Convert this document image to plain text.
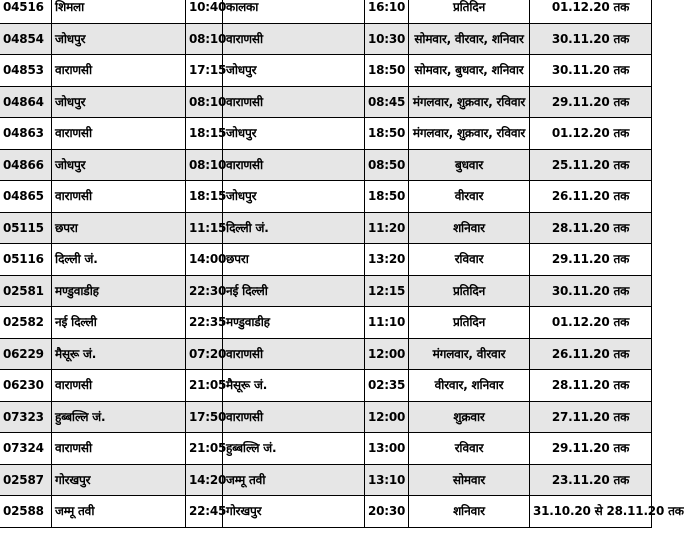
04516	शिमला	10:40	कालका	16:10	प्रतिदिन	01.12.20 तक
04854	जोधपुर	08:10	वाराणसी	10:30	सोमवार, वीरवार, शनिवार	30.11.20 तक
04853	वाराणसी	17:15	जोधपुर	18:50	सोमवार, बुधवार, शनिवार	30.11.20 तक
04864	जोधपुर	08:10	वाराणसी	08:45	मंगलवार, शुक्रवार, रविवार	29.11.20 तक
04863	वाराणसी	18:15	जोधपुर	18:50	मंगलवार, शुक्रवार, रविवार	01.12.20 तक
04866	जोधपुर	08:10	वाराणसी	08:50	बुधवार	25.11.20 तक
04865	वाराणसी	18:15	जोधपुर	18:50	वीरवार	26.11.20 तक
05115	छपरा	11:15	दिल्ली जं.	11:20	शनिवार	28.11.20 तक
05116	दिल्ली जं.	14:00	छपरा	13:20	रविवार	29.11.20 तक
02581	मण्डुवाडीह	22:30	नई दिल्ली	12:15	प्रतिदिन	30.11.20 तक
02582	नई दिल्ली	22:35	मण्डुवाडीह	11:10	प्रतिदिन	01.12.20 तक
06229	मैसूरू जं.	07:20	वाराणसी	12:00	मंगलवार, वीरवार	26.11.20 तक
06230	वाराणसी	21:05	मैसूरू जं.	02:35	वीरवार, शनिवार	28.11.20 तक
07323	हुब्बल्लि जं.	17:50	वाराणसी	12:00	शुक्रवार	27.11.20 तक
07324	वाराणसी	21:05	हुब्बल्लि जं.	13:00	रविवार	29.11.20 तक
02587	गोरखपुर	14:20	जम्मू तवी	13:10	सोमवार	23.11.20 तक
02588	जम्मू तवी	22:45	गोरखपुर	20:30	शनिवार	31.10.20 से 28.11.20 तक
